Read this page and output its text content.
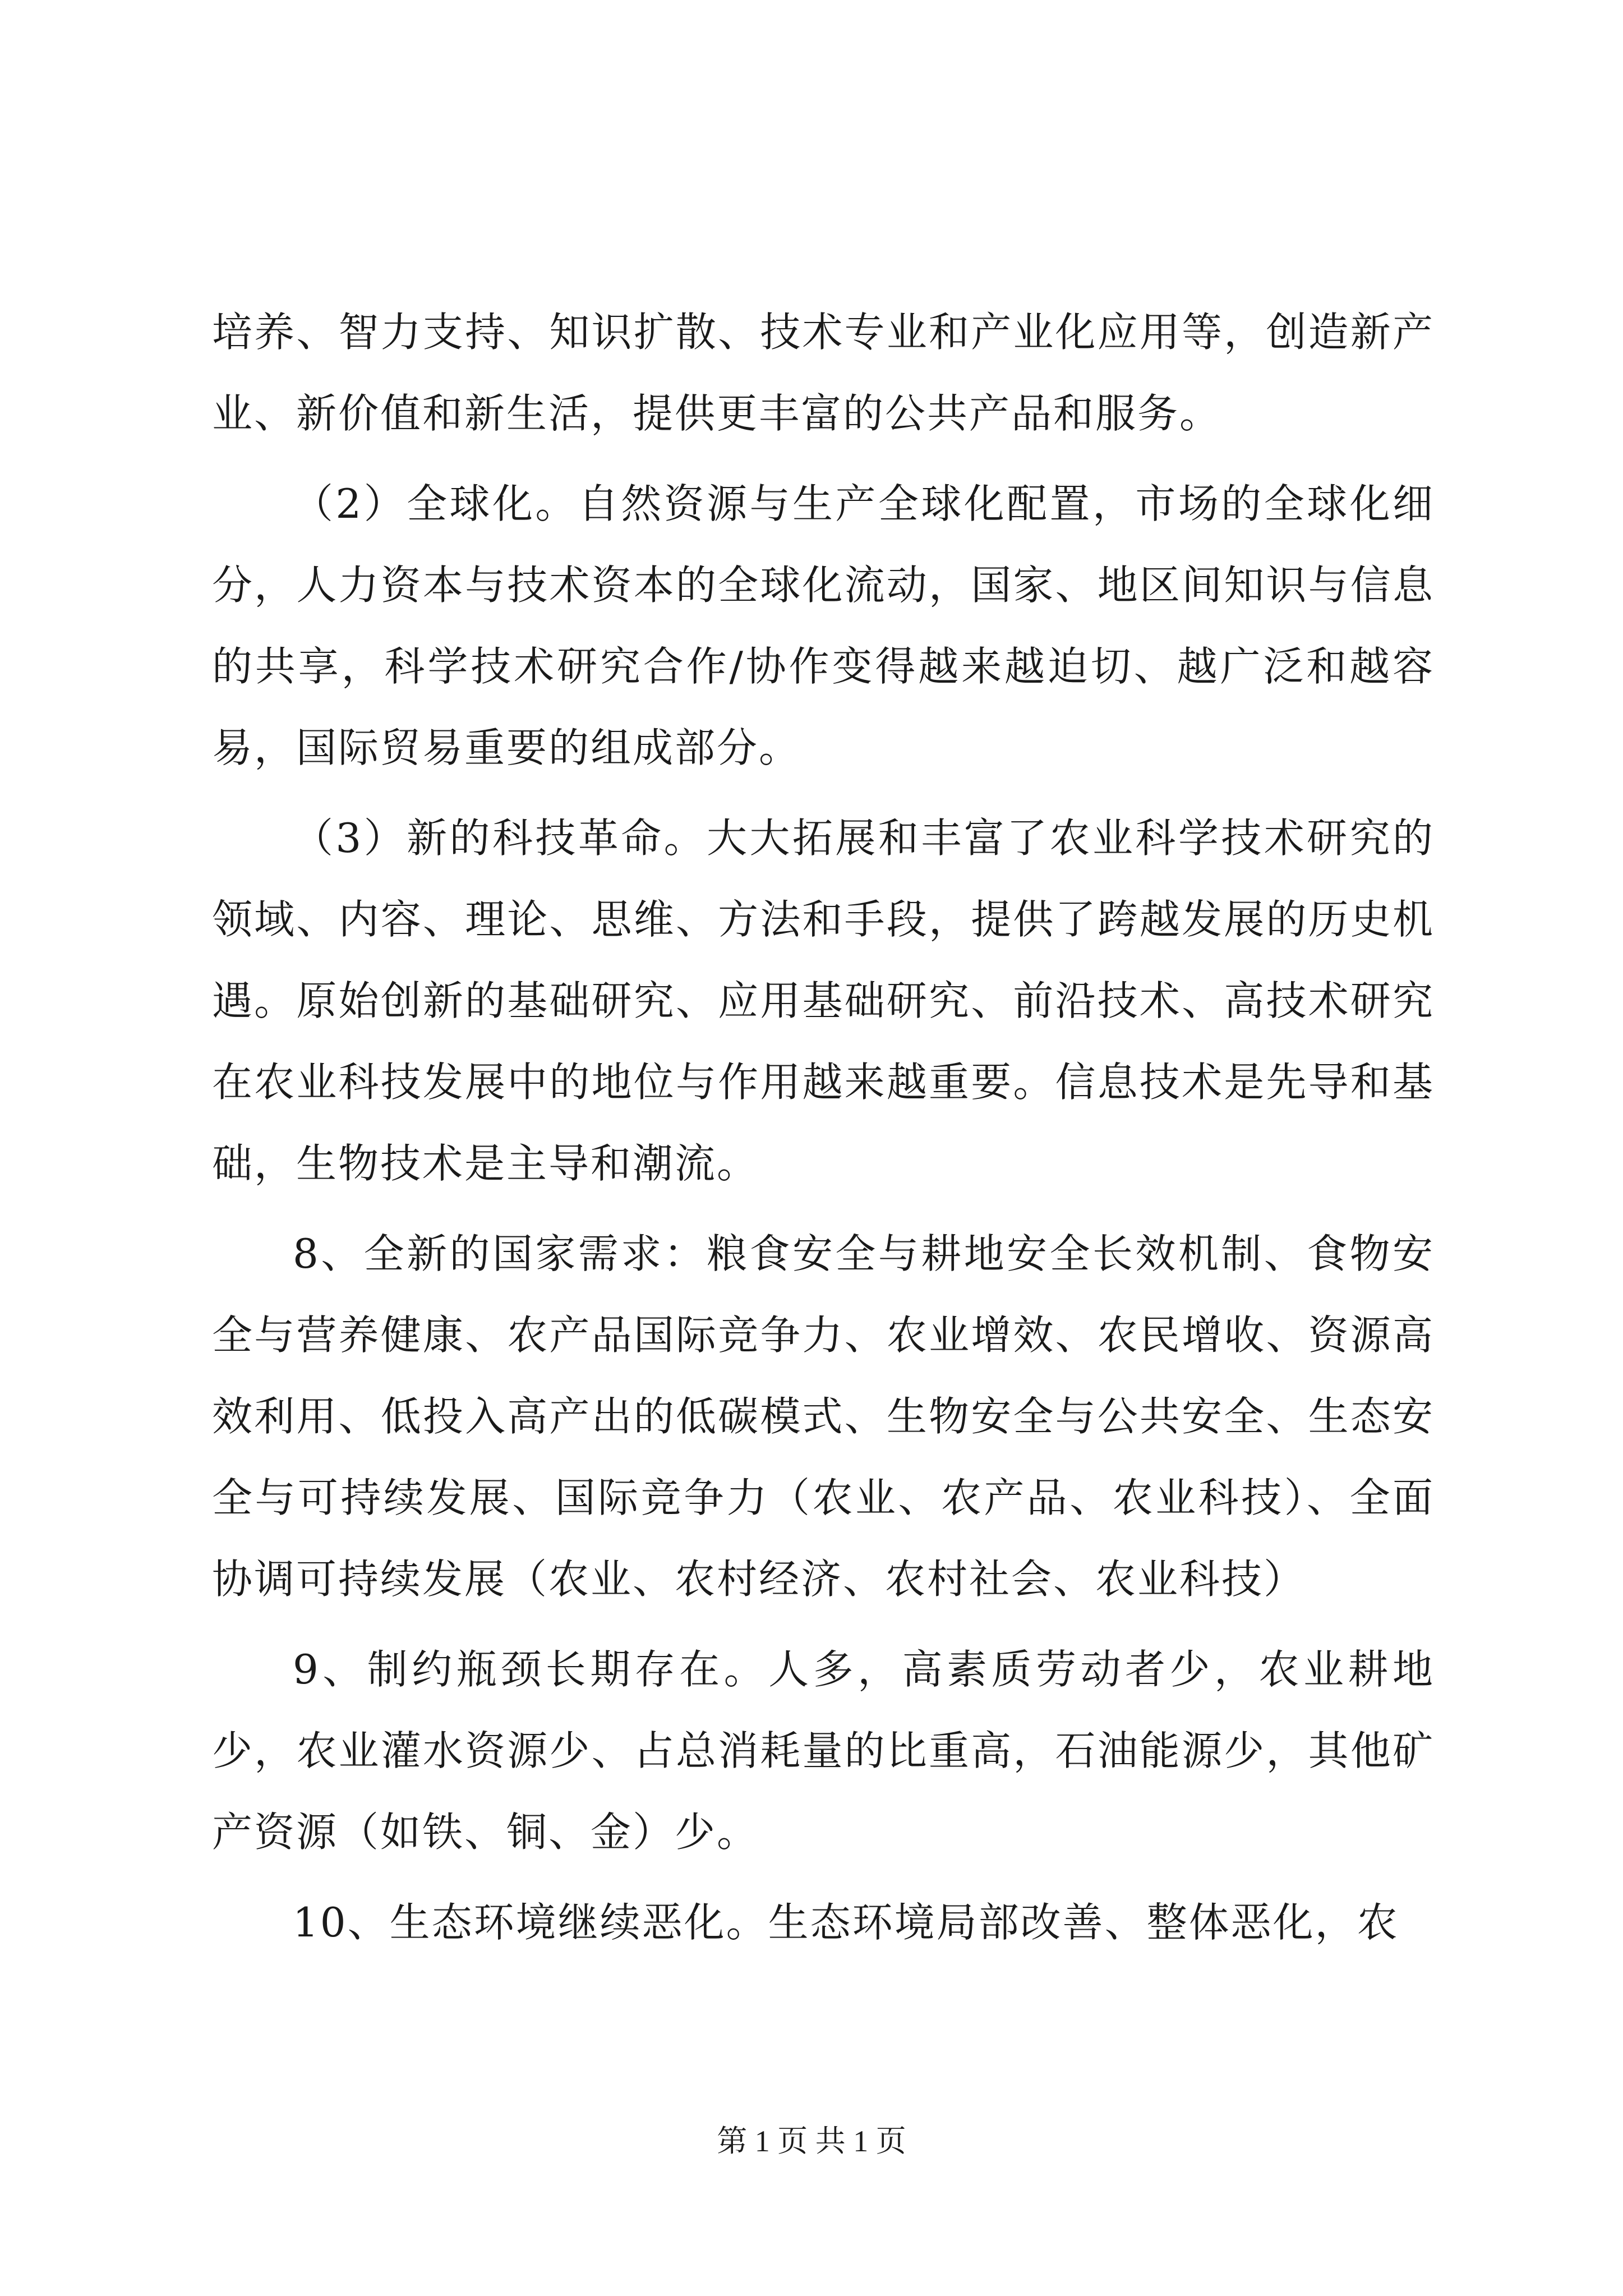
培养、智力支持、知识扩散、技术专业和产业化应用等，创造新产业、新价值和新生活，提供更丰富的公共产品和服务。

（2）全球化。自然资源与生产全球化配置，市场的全球化细分，人力资本与技术资本的全球化流动，国家、地区间知识与信息的共享，科学技术研究合作/协作变得越来越迫切、越广泛和越容易，国际贸易重要的组成部分。

（3）新的科技革命。大大拓展和丰富了农业科学技术研究的领域、内容、理论、思维、方法和手段，提供了跨越发展的历史机遇。原始创新的基础研究、应用基础研究、前沿技术、高技术研究在农业科技发展中的地位与作用越来越重要。信息技术是先导和基础，生物技术是主导和潮流。

8、全新的国家需求：粮食安全与耕地安全长效机制、食物安全与营养健康、农产品国际竞争力、农业增效、农民增收、资源高效利用、低投入高产出的低碳模式、生物安全与公共安全、生态安全与可持续发展、国际竞争力（农业、农产品、农业科技）、全面协调可持续发展（农业、农村经济、农村社会、农业科技）

9、制约瓶颈长期存在。人多，高素质劳动者少，农业耕地少，农业灌水资源少、占总消耗量的比重高，石油能源少，其他矿产资源（如铁、铜、金）少。

10、生态环境继续恶化。生态环境局部改善、整体恶化，农

第 1 页 共 1 页
